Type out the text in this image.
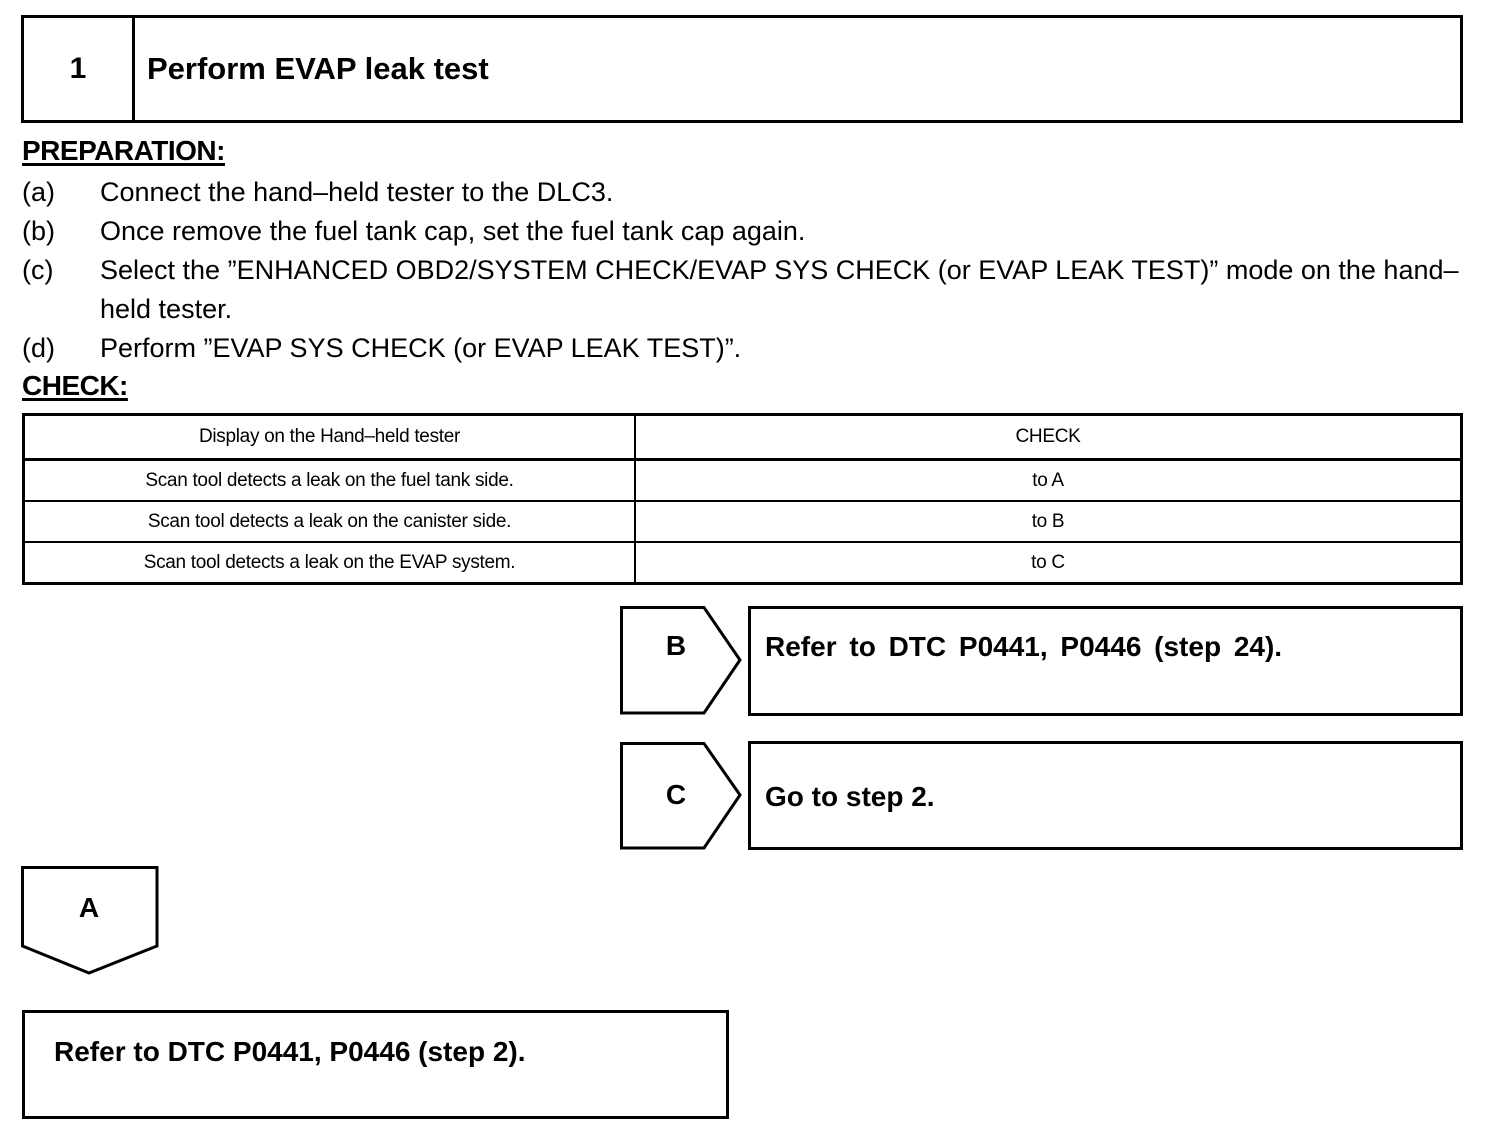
1	Perform EVAP leak test
PREPARATION:
(a)	Connect the hand–held tester to the DLC3.
(b)	Once remove the fuel tank cap, set the fuel tank cap again.
(c)	Select the ”ENHANCED OBD2/SYSTEM CHECK/EVAP SYS CHECK (or EVAP LEAK TEST)” mode on the hand–held tester.
(d)	Perform ”EVAP SYS CHECK (or EVAP LEAK TEST)”.
CHECK:
Display on the Hand–held tester	CHECK
Scan tool detects a leak on the fuel tank side.	to A
Scan tool detects a leak on the canister side.	to B
Scan tool detects a leak on the EVAP system.	to C
B	Refer to DTC P0441, P0446 (step 24).
C	Go to step 2.
A
Refer to DTC P0441, P0446 (step 2).
